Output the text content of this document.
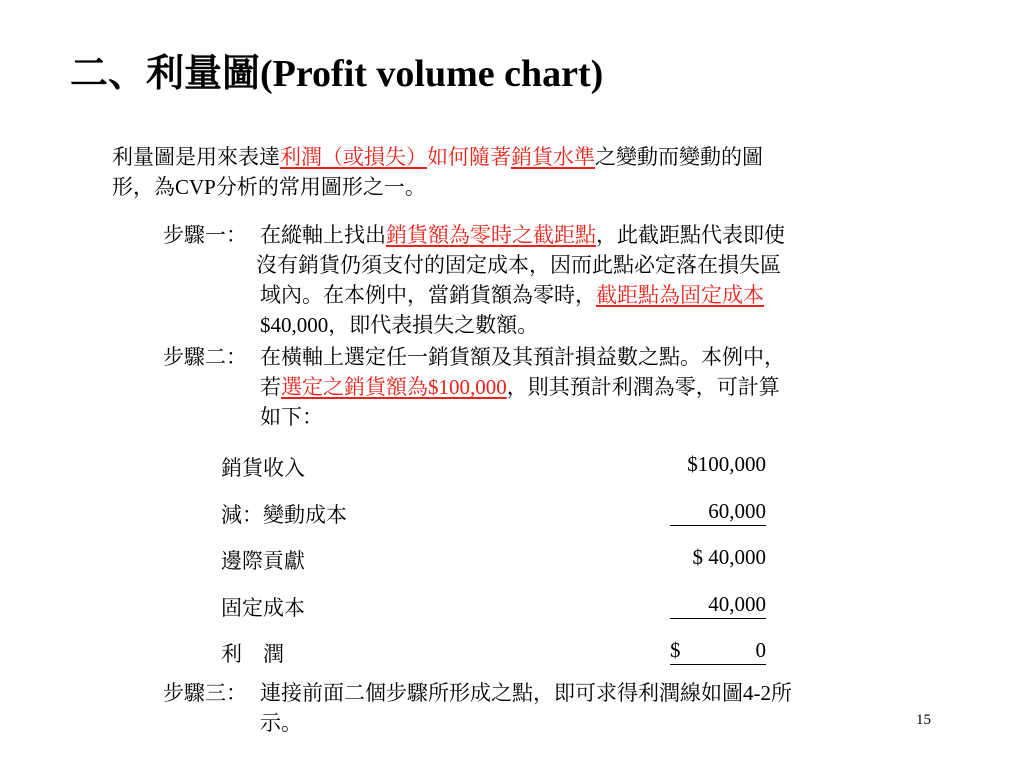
二、利量圖(Profit volume chart)
利量圖是用來表達利潤（或損失）如何隨著銷貨水準之變動而變動的圖
形，為CVP分析的常用圖形之一。
步驟一： 在縱軸上找出銷貨額為零時之截距點，此截距點代表即使
沒有銷貨仍須支付的固定成本，因而此點必定落在損失區
域內。在本例中，當銷貨額為零時，截距點為固定成本
$40,000，即代表損失之數額。
步驟二： 在橫軸上選定任一銷貨額及其預計損益數之點。本例中，
若選定之銷貨額為$100,000，則其預計利潤為零，可計算
如下：
銷貨收入	$100,000
減：變動成本	60,000
邊際貢獻	$ 40,000
固定成本	40,000
利　潤	$	0
步驟三： 連接前面二個步驟所形成之點，即可求得利潤線如圖4-2所
示。	15
